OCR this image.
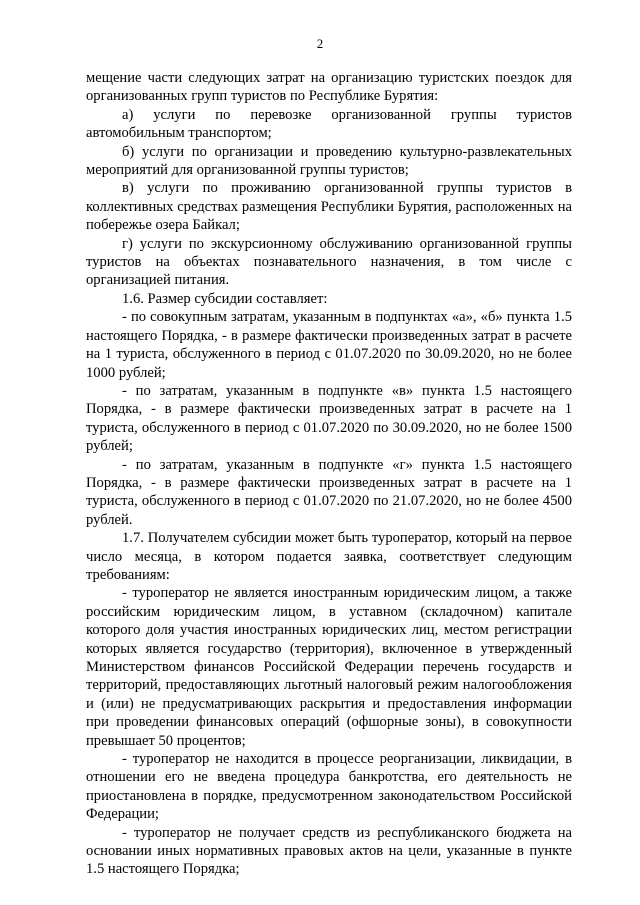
2

мещение части следующих затрат на организацию туристских поездок для организованных групп туристов по Республике Бурятия:

а) услуги по перевозке организованной группы туристов автомобильным транспортом;

б) услуги по организации и проведению культурно-развлекательных мероприятий для организованной группы туристов;

в) услуги по проживанию организованной группы туристов в коллективных средствах размещения Республики Бурятия, расположенных на побережье озера Байкал;

г) услуги по экскурсионному обслуживанию организованной группы туристов на объектах познавательного назначения, в том числе с организацией питания.

1.6. Размер субсидии составляет:

- по совокупным затратам, указанным в подпунктах «а», «б» пункта 1.5 настоящего Порядка, - в размере фактически произведенных затрат в расчете на 1 туриста, обслуженного в период с 01.07.2020 по 30.09.2020, но не более 1000 рублей;

- по затратам, указанным в подпункте «в» пункта 1.5 настоящего Порядка, - в размере фактически произведенных затрат в расчете на 1 туриста, обслуженного в период с 01.07.2020 по 30.09.2020, но не более 1500 рублей;

- по затратам, указанным в подпункте «г» пункта 1.5 настоящего Порядка, - в размере фактически произведенных затрат в расчете на 1 туриста, обслуженного в период с 01.07.2020 по 21.07.2020, но не более 4500 рублей.

1.7. Получателем субсидии может быть туроператор, который на первое число месяца, в котором подается заявка, соответствует следующим требованиям:

- туроператор не является иностранным юридическим лицом, а также российским юридическим лицом, в уставном (складочном) капитале которого доля участия иностранных юридических лиц, местом регистрации которых является государство (территория), включенное в утвержденный Министерством финансов Российской Федерации перечень государств и территорий, предоставляющих льготный налоговый режим налогообложения и (или) не предусматривающих раскрытия и предоставления информации при проведении финансовых операций (офшорные зоны), в совокупности превышает 50 процентов;

- туроператор не находится в процессе реорганизации, ликвидации, в отношении его не введена процедура банкротства, его деятельность не приостановлена в порядке, предусмотренном законодательством Российской Федерации;

- туроператор не получает средств из республиканского бюджета на основании иных нормативных правовых актов на цели, указанные в пункте 1.5 настоящего Порядка;
